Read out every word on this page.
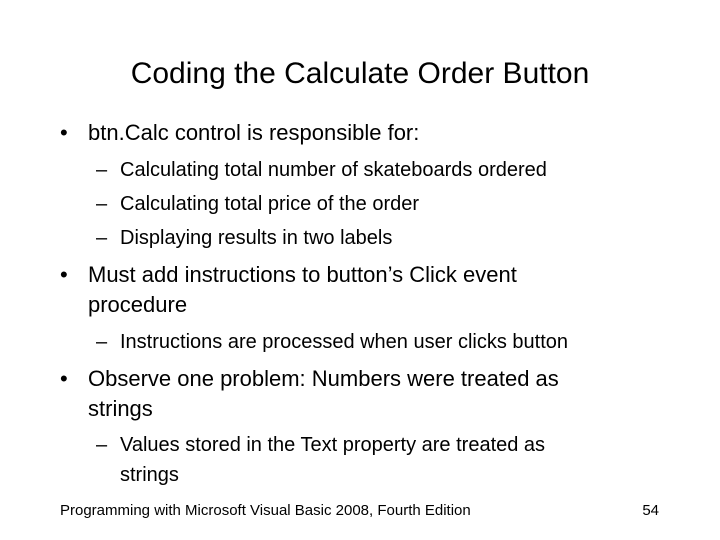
Coding the Calculate Order Button
• btn.Calc control is responsible for:
– Calculating total number of skateboards ordered
– Calculating total price of the order
– Displaying results in two labels
• Must add instructions to button’s Click event
procedure
– Instructions are processed when user clicks button
• Observe one problem: Numbers were treated as
strings
– Values stored in the Text property are treated as
strings
Programming with Microsoft Visual Basic 2008, Fourth Edition	54
